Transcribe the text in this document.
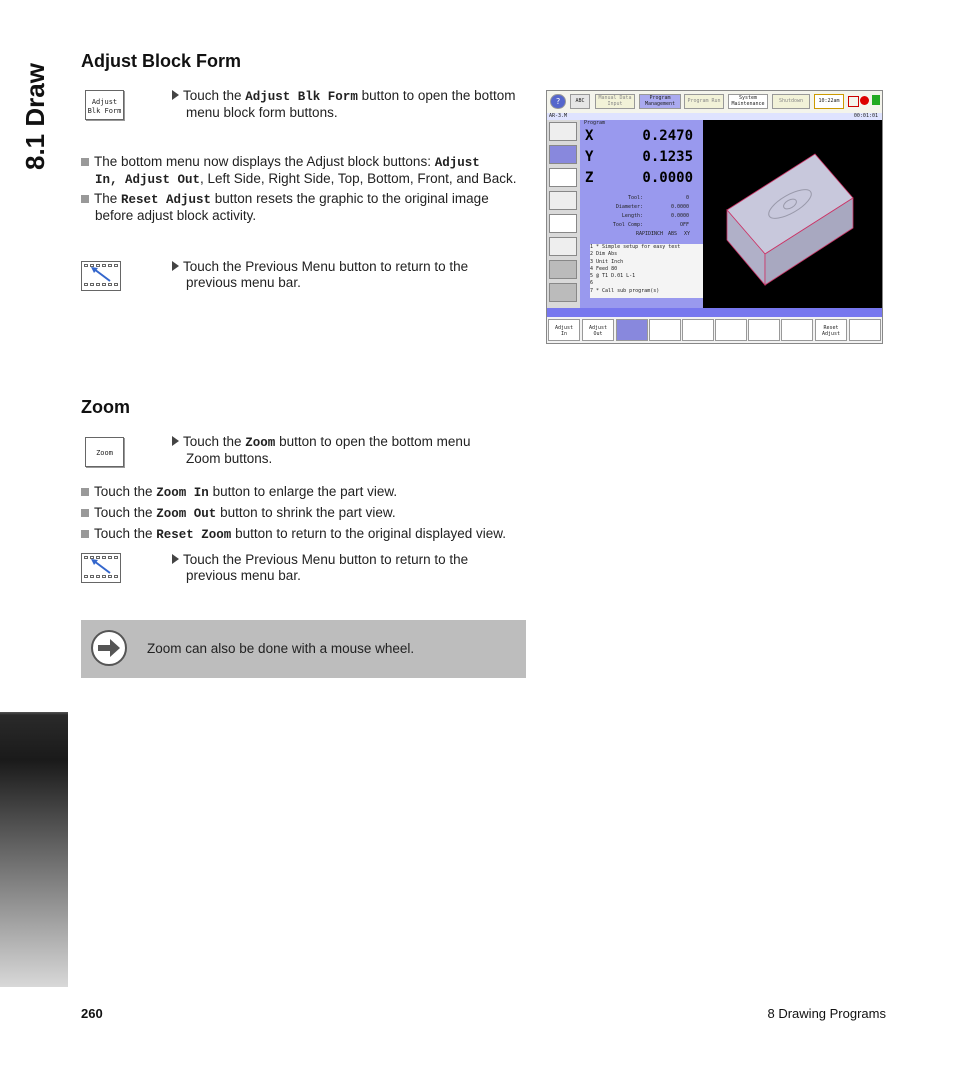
8.1 Draw
Adjust Block Form
Adjust
Blk Form
Touch the Adjust Blk Form button to open the bottom
menu block form buttons.
The bottom menu now displays the Adjust block buttons: Adjust
In, Adjust Out, Left Side, Right Side, Top, Bottom, Front, and Back.
The Reset Adjust button resets the graphic to the original image
before adjust block activity.
Touch the Previous Menu button to return to the
previous menu bar.
?	ABC	Manual Data
Input
Program
Management	Program Run	System
Maintenance	Shutdown	10:22am
AR-3.M	00:01:01
X	0.2470
Y	0.1235
Z	0.0000
Program
Tool:	0
Diameter:	0.0000
Length:	0.0000
Tool Comp:	OFF
RAPID:
INCH ABS XY
1 * Simple setup for easy test
2 Dim Abs
3 Unit Inch
4 Feed 80
5 @ T1 D.01 L-1
6
7 * Call sub program(s)
Adjust
In
Adjust
Out
Reset
Adjust
Zoom
Zoom
Touch the Zoom button to open the bottom menu
Zoom buttons.
Touch the Zoom In button to enlarge the part view.
Touch the Zoom Out button to shrink the part view.
Touch the Reset Zoom button to return to the original displayed view.
Touch the Previous Menu button to return to the
previous menu bar.
Zoom can also be done with a mouse wheel.
260	8 Drawing Programs
